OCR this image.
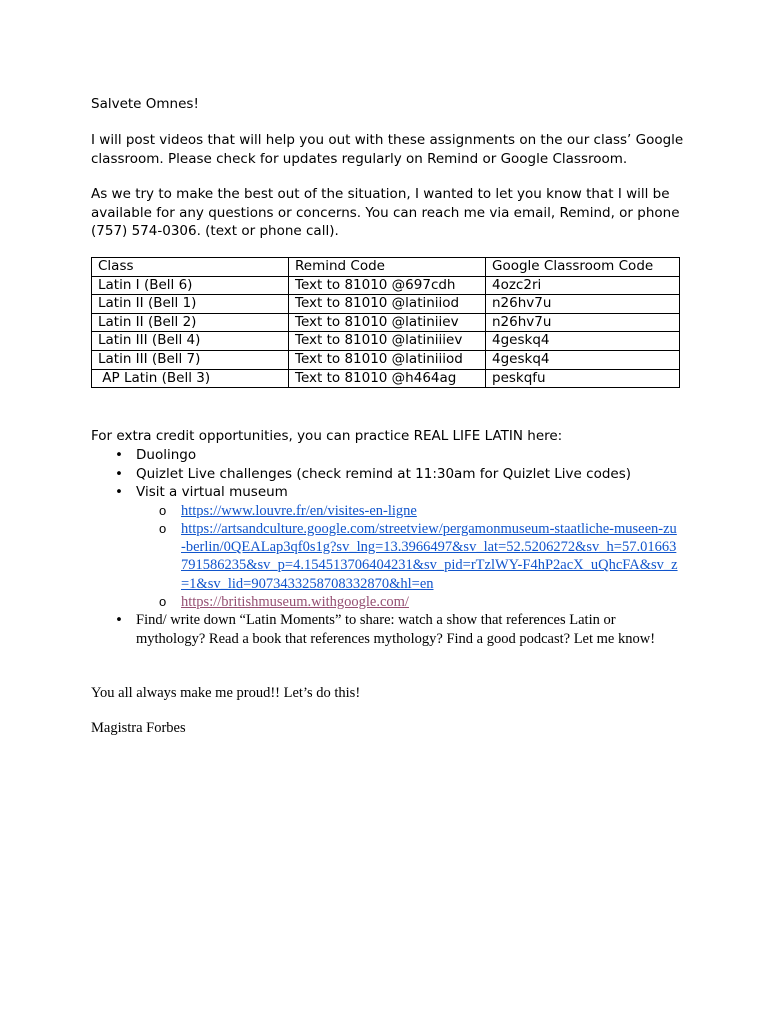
Salvete Omnes!
I will post videos that will help you out with these assignments on the our class’ Google
classroom. Please check for updates regularly on Remind or Google Classroom.
As we try to make the best out of the situation, I wanted to let you know that I will be
available for any questions or concerns. You can reach me via email, Remind, or phone
(757) 574-0306. (text or phone call).
Class	Remind Code	Google Classroom Code
Latin I (Bell 6)	Text to 81010 @697cdh	4ozc2ri
Latin II (Bell 1)	Text to 81010 @latiniiod	n26hv7u
Latin II (Bell 2)	Text to 81010 @latiniiev	n26hv7u
Latin III (Bell 4)	Text to 81010 @latiniiiev	4geskq4
Latin III (Bell 7)	Text to 81010 @latiniiiod	4geskq4
AP Latin (Bell 3)	Text to 81010 @h464ag	peskqfu
For extra credit opportunities, you can practice REAL LIFE LATIN here:
• Duolingo
• Quizlet Live challenges (check remind at 11:30am for Quizlet Live codes)
• Visit a virtual museum
o https://www.louvre.fr/en/visites-en-ligne
o https://artsandculture.google.com/streetview/pergamonmuseum-staatliche-museen-zu-berlin/0QEALap3qf0s1g?sv_lng=13.3966497&sv_lat=52.5206272&sv_h=57.01663791586235&sv_p=4.154513706404231&sv_pid=rTzlWY-F4hP2acX_uQhcFA&sv_z=1&sv_lid=9073433258708332870&hl=en
o https://britishmuseum.withgoogle.com/
• Find/ write down “Latin Moments” to share: watch a show that references Latin or mythology? Read a book that references mythology? Find a good podcast? Let me know!
You all always make me proud!! Let’s do this!
Magistra Forbes
